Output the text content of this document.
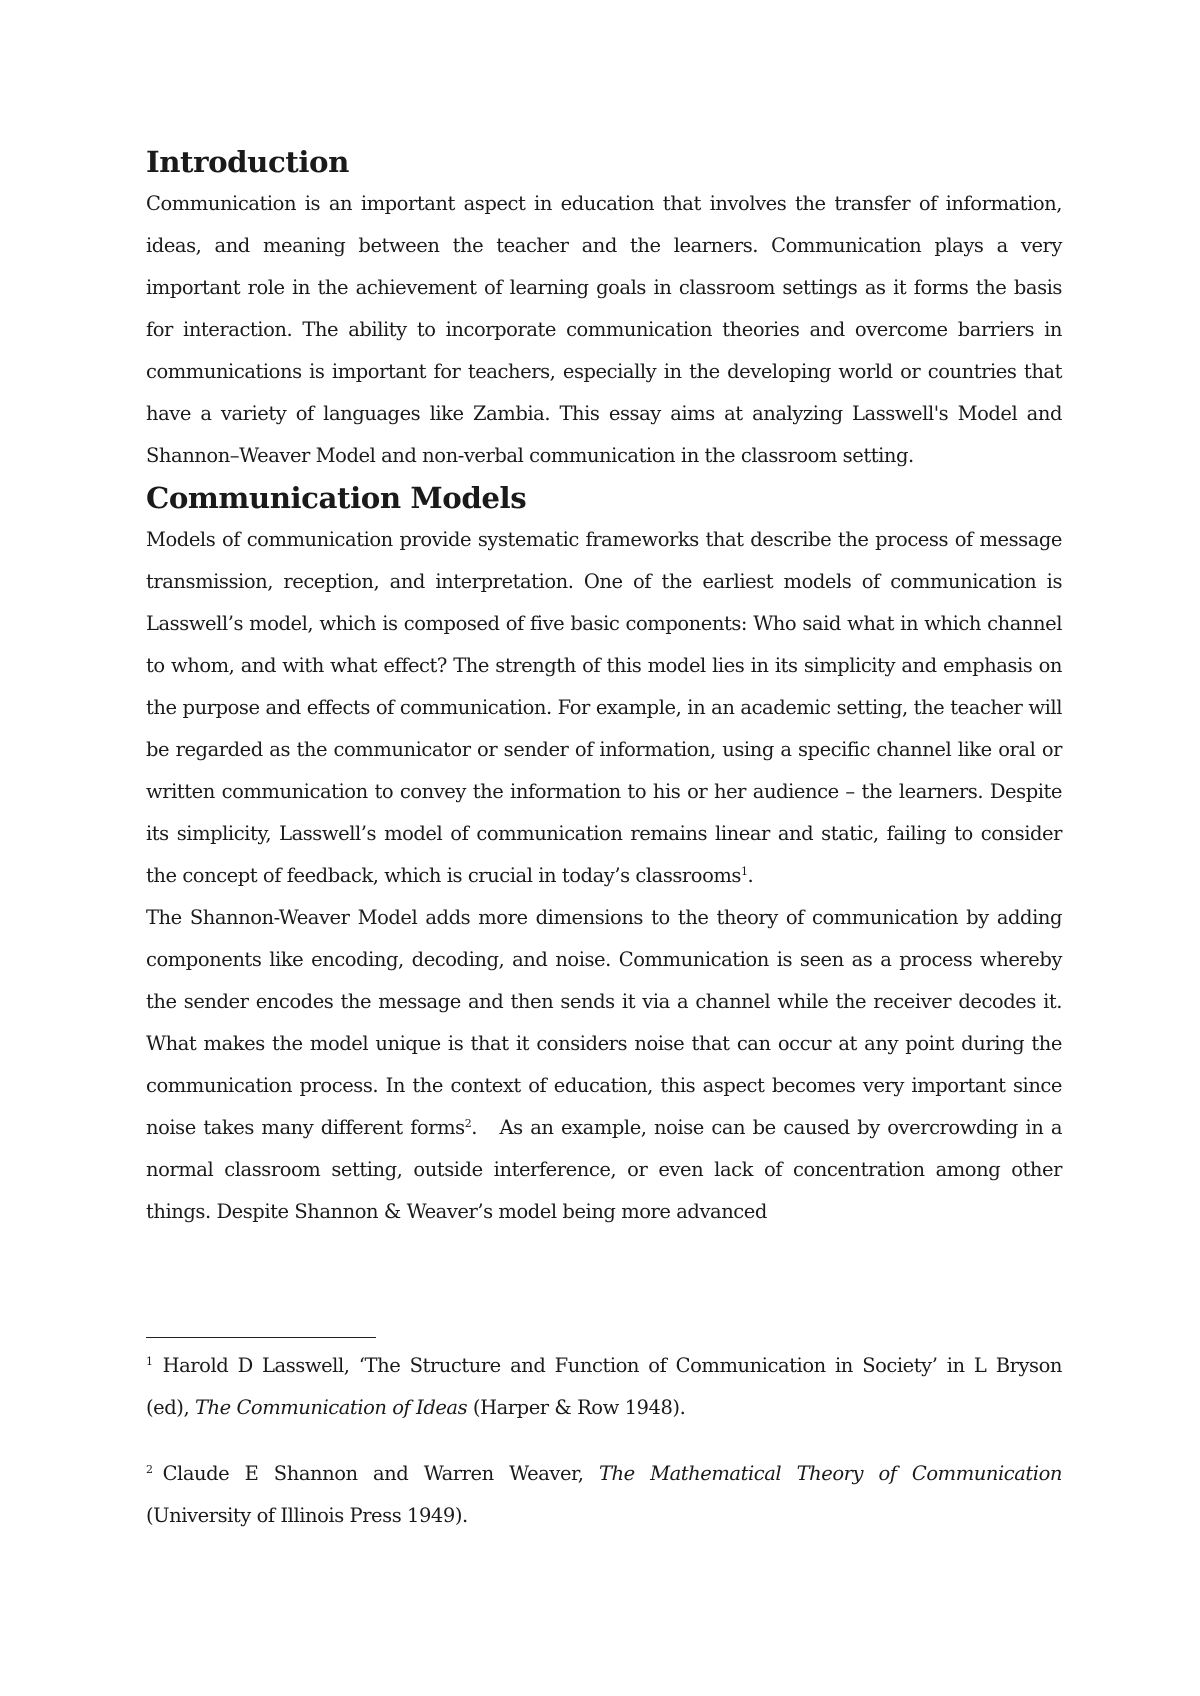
Introduction

Communication is an important aspect in education that involves the transfer of information, ideas, and meaning between the teacher and the learners. Communication plays a very important role in the achievement of learning goals in classroom settings as it forms the basis for interaction. The ability to incorporate communication theories and overcome barriers in communications is important for teachers, especially in the developing world or countries that have a variety of languages like Zambia. This essay aims at analyzing Lasswell's Model and Shannon–Weaver Model and non-verbal communication in the classroom setting.

Communication Models

Models of communication provide systematic frameworks that describe the process of message transmission, reception, and interpretation. One of the earliest models of communication is Lasswell’s model, which is composed of five basic components: Who said what in which channel to whom, and with what effect? The strength of this model lies in its simplicity and emphasis on the purpose and effects of communication. For example, in an academic setting, the teacher will be regarded as the communicator or sender of information, using a specific channel like oral or written communication to convey the information to his or her audience – the learners. Despite its simplicity, Lasswell’s model of communication remains linear and static, failing to consider the concept of feedback, which is crucial in today’s classrooms$^1$.

The Shannon-Weaver Model adds more dimensions to the theory of communication by adding components like encoding, decoding, and noise. Communication is seen as a process whereby the sender encodes the message and then sends it via a channel while the receiver decodes it. What makes the model unique is that it considers noise that can occur at any point during the communication process. In the context of education, this aspect becomes very important since noise takes many different forms$^2$.   As an example, noise can be caused by overcrowding in a normal classroom setting, outside interference, or even lack of concentration among other things. Despite Shannon & Weaver’s model being more advanced

$^1$ Harold D Lasswell, ‘The Structure and Function of Communication in Society’ in L Bryson (ed), The Communication of Ideas (Harper & Row 1948).

$^2$ Claude E Shannon and Warren Weaver, The Mathematical Theory of Communication (University of Illinois Press 1949).
